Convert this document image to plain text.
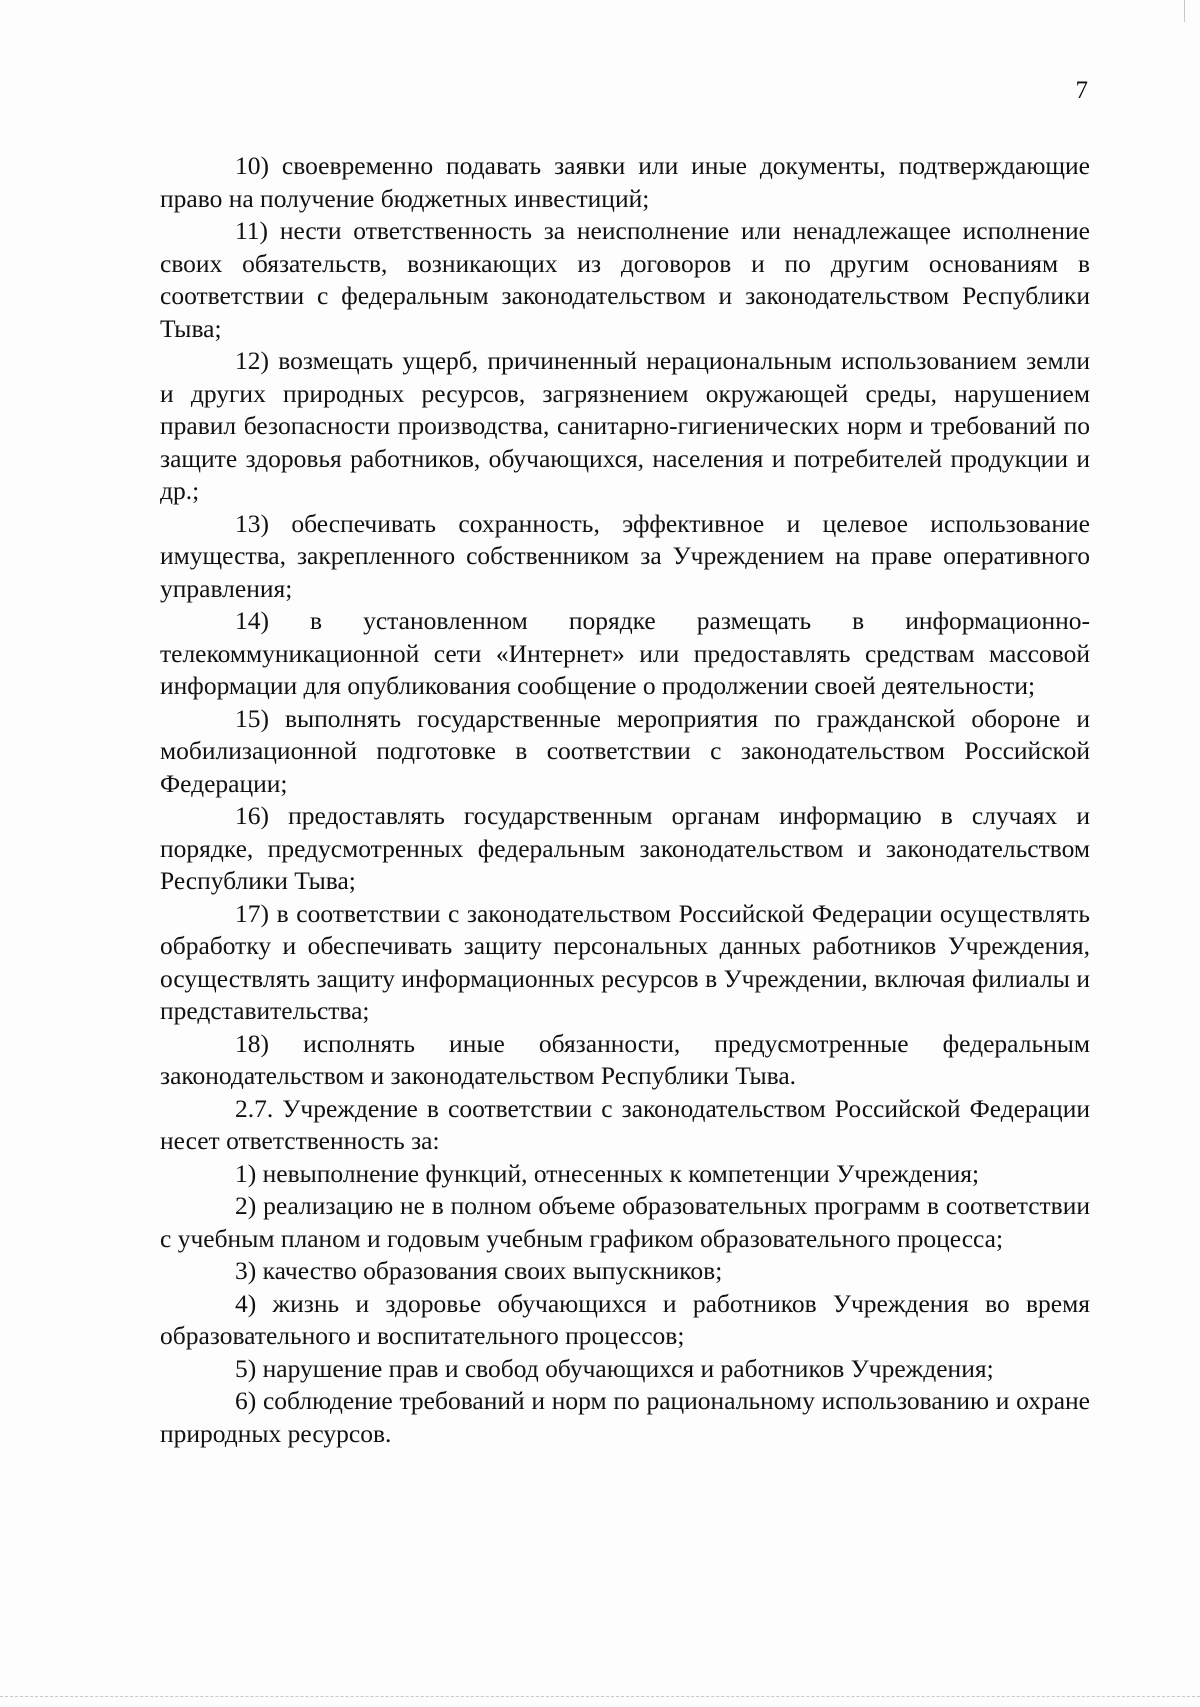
7

10) своевременно подавать заявки или иные документы, подтверждающие право на получение бюджетных инвестиций;

11) нести ответственность за неисполнение или ненадлежащее исполнение своих обязательств, возникающих из договоров и по другим основаниям в соответствии с федеральным законодательством и законодательством Республики Тыва;

12) возмещать ущерб, причиненный нерациональным использованием земли и других природных ресурсов, загрязнением окружающей среды, нарушением правил безопасности производства, санитарно-гигиенических норм и требований по защите здоровья работников, обучающихся, населения и потребителей продукции и др.;

13) обеспечивать сохранность, эффективное и целевое использование имущества, закрепленного собственником за Учреждением на праве оперативного управления;

14) в установленном порядке размещать в информационно-телекоммуникационной сети «Интернет» или предоставлять средствам массовой информации для опубликования сообщение о продолжении своей деятельности;

15) выполнять государственные мероприятия по гражданской обороне и мобилизационной подготовке в соответствии с законодательством Российской Федерации;

16) предоставлять государственным органам информацию в случаях и порядке, предусмотренных федеральным законодательством и законодательством Республики Тыва;

17) в соответствии с законодательством Российской Федерации осуществлять обработку и обеспечивать защиту персональных данных работников Учреждения, осуществлять защиту информационных ресурсов в Учреждении, включая филиалы и представительства;

18) исполнять иные обязанности, предусмотренные федеральным законодательством и законодательством Республики Тыва.

2.7. Учреждение в соответствии с законодательством Российской Федерации несет ответственность за:

1) невыполнение функций, отнесенных к компетенции Учреждения;

2) реализацию не в полном объеме образовательных программ в соответствии с учебным планом и годовым учебным графиком образовательного процесса;

3) качество образования своих выпускников;

4) жизнь и здоровье обучающихся и работников Учреждения во время образовательного и воспитательного процессов;

5) нарушение прав и свобод обучающихся и работников Учреждения;

6) соблюдение требований и норм по рациональному использованию и охране природных ресурсов.
